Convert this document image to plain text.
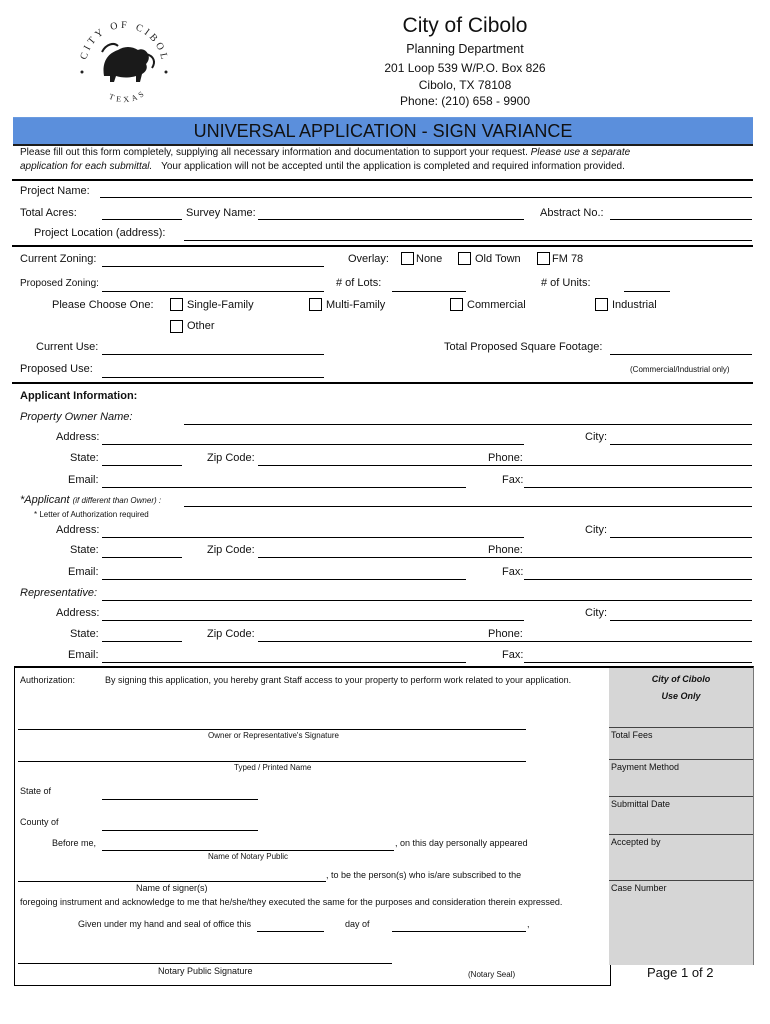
CITY OF CIBOL
TEXAS
City of Cibolo
Planning Department
201 Loop 539 W/P.O. Box 826
Cibolo, TX 78108
Phone: (210) 658 - 9900
UNIVERSAL APPLICATION - SIGN VARIANCE
Please fill out this form completely, supplying all necessary information and documentation to support your request. Please use a separate
application for each submittal. Your application will not be accepted until the application is completed and required information provided.
Project Name:
Total Acres:	Survey Name:	Abstract No.:
Project Location (address):
Current Zoning:	Overlay: None	Old Town	FM 78
Proposed Zoning:	# of Lots:	# of Units:
Please Choose One:	Single-Family	Multi-Family	Commercial	Industrial
Other
Current Use:	Total Proposed Square Footage:
Proposed Use:	(Commercial/Industrial only)
Applicant Information:
Property Owner Name:
Address:	City:
State:	Zip Code:	Phone:
Email:	Fax:
*Applicant (if different than Owner) :
* Letter of Authorization required
Address:	City:
State:	Zip Code:	Phone:
Email:	Fax:
Representative:
Address:	City:
State:	Zip Code:	Phone:
Email:	Fax:
Authorization:	By signing this application, you hereby grant Staff access to your property to perform work related to your application.
Owner or Representative's Signature
Typed / Printed Name
State of
County of
Before me,	, on this day personally appeared
Name of Notary Public
, to be the person(s) who is/are subscribed to the
Name of signer(s)
foregoing instrument and acknowledge to me that he/she/they executed the same for the purposes and consideration therein expressed.
Given under my hand and seal of office this	day of	,
Notary Public Signature	(Notary Seal)
City of Cibolo
Use Only
Total Fees
Payment Method
Submittal Date
Accepted by
Case Number
Page 1 of 2
